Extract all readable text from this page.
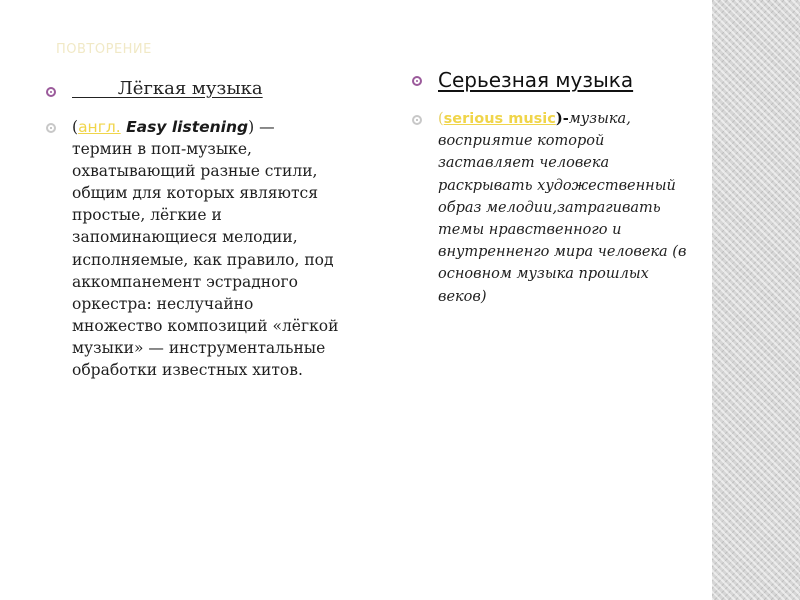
ПОВТОРЕНИЕ
Лёгкая музыка
(англ. Easy listening) —
термин в поп-музыке,
охватывающий разные стили,
общим для которых являются
простые, лёгкие и
запоминающиеся мелодии,
исполняемые, как правило, под
аккомпанемент эстрадного
оркестра: неслучайно
множество композиций «лёгкой
музыки» — инструментальные
обработки известных хитов.
Серьезная музыка
(serious music)-музыка,
восприятие которой
заставляет человека
раскрывать художественный
образ мелодии,затрагивать
темы нравственного и
внутренненго мира человека (в
основном музыка прошлых
веков)
